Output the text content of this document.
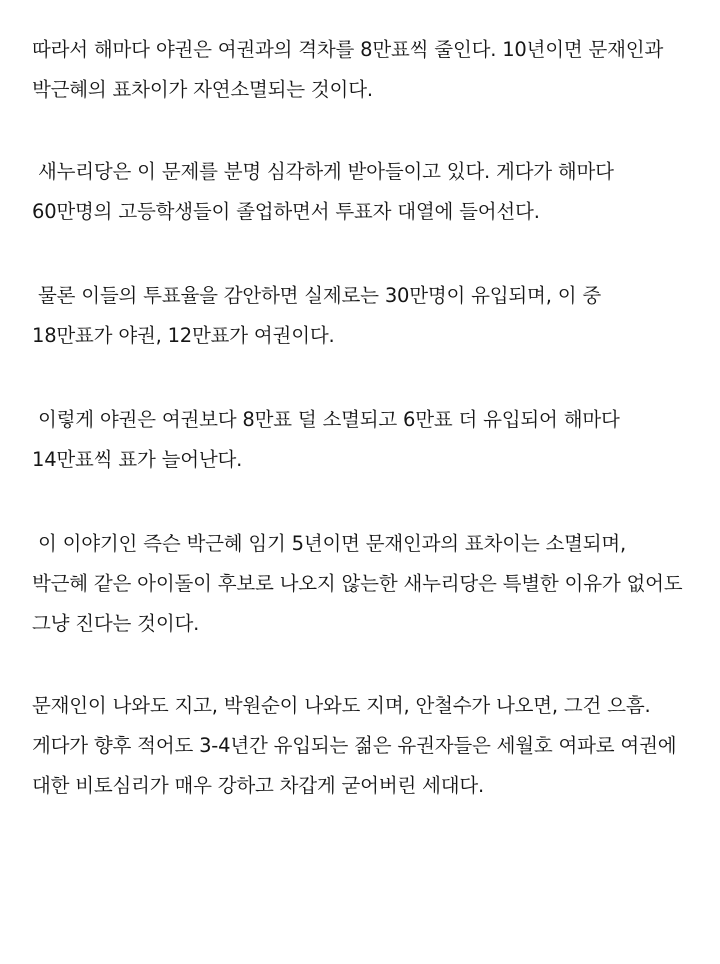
따라서 해마다 야권은 여권과의 격차를 8만표씩 줄인다. 10년이면 문재인과 박근혜의 표차이가 자연소멸되는 것이다.

새누리당은 이 문제를 분명 심각하게 받아들이고 있다. 게다가 해마다 60만명의 고등학생들이 졸업하면서 투표자 대열에 들어선다.

물론 이들의 투표율을 감안하면 실제로는 30만명이 유입되며, 이 중 18만표가 야권, 12만표가 여권이다.

이렇게 야권은 여권보다 8만표 덜 소멸되고 6만표 더 유입되어 해마다 14만표씩 표가 늘어난다.

이 이야기인 즉슨 박근혜 임기 5년이면 문재인과의 표차이는 소멸되며, 박근혜 같은 아이돌이 후보로 나오지 않는한 새누리당은 특별한 이유가 없어도 그냥 진다는 것이다.

문재인이 나와도 지고, 박원순이 나와도 지며, 안철수가 나오면, 그건 으흠. 게다가 향후 적어도 3-4년간 유입되는 젊은 유권자들은 세월호 여파로 여권에 대한 비토심리가 매우 강하고 차갑게 굳어버린 세대다.
